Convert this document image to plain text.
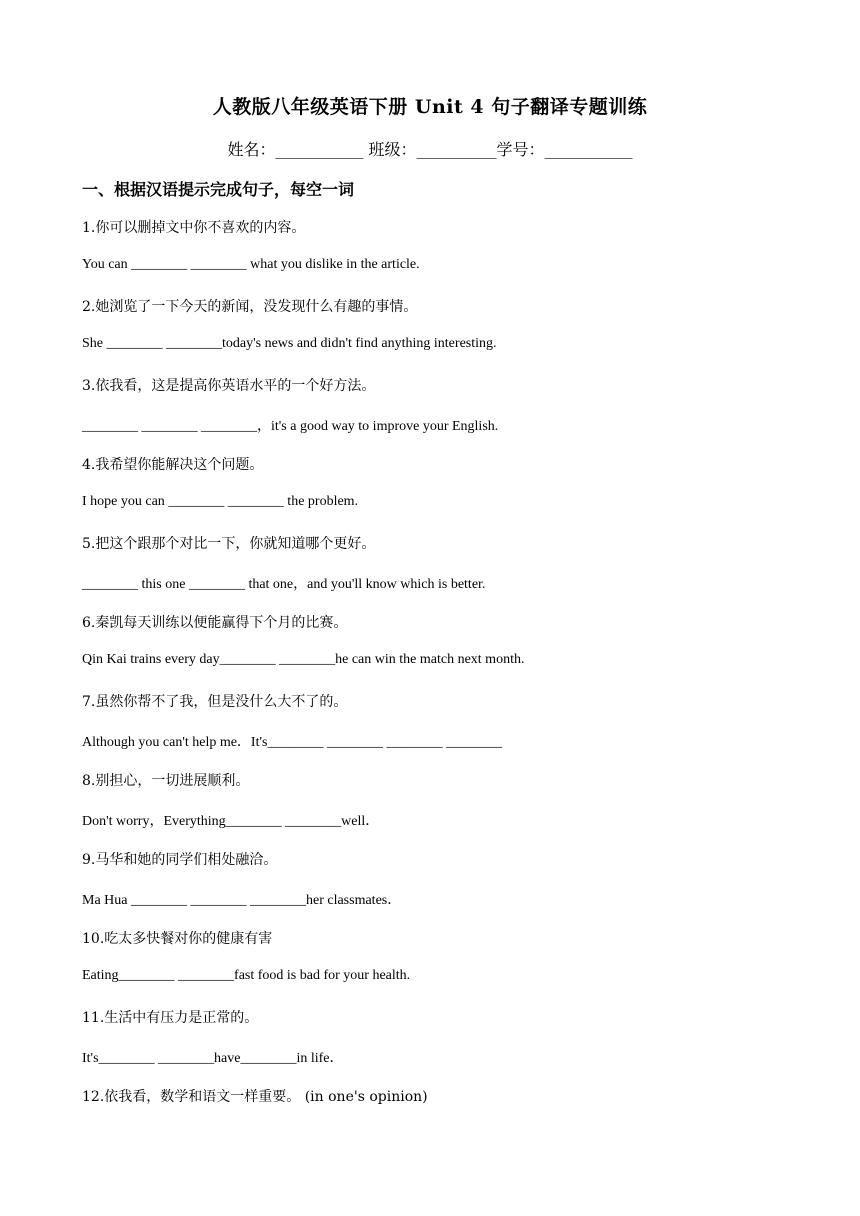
人教版八年级英语下册 Unit 4 句子翻译专题训练
姓名：___________ 班级：__________学号：___________
一、根据汉语提示完成句子，每空一词
1.你可以删掉文中你不喜欢的内容。
You can ________ ________ what you dislike in the article.
2.她浏览了一下今天的新闻，没发现什么有趣的事情。
She ________ ________today's news and didn't find anything interesting.
3.依我看，这是提高你英语水平的一个好方法。
________ ________ ________，it's a good way to improve your English.
4.我希望你能解决这个问题。
I hope you can ________ ________ the problem.
5.把这个跟那个对比一下，你就知道哪个更好。
________ this one ________ that one，and you'll know which is better.
6.秦凯每天训练以便能赢得下个月的比赛。
Qin Kai trains every day________ ________he can win the match next month.
7.虽然你帮不了我，但是没什么大不了的。
Although you can't help me．It's________ ________ ________ ________
8.别担心，一切进展顺利。
Don't worry，Everything________ ________well．
9.马华和她的同学们相处融洽。
Ma Hua ________ ________ ________her classmates．
10.吃太多快餐对你的健康有害
Eating________ ________fast food is bad for your health.
11.生活中有压力是正常的。
It's________ ________have________in life．
12.依我看，数学和语文一样重要。 (in one's opinion)
